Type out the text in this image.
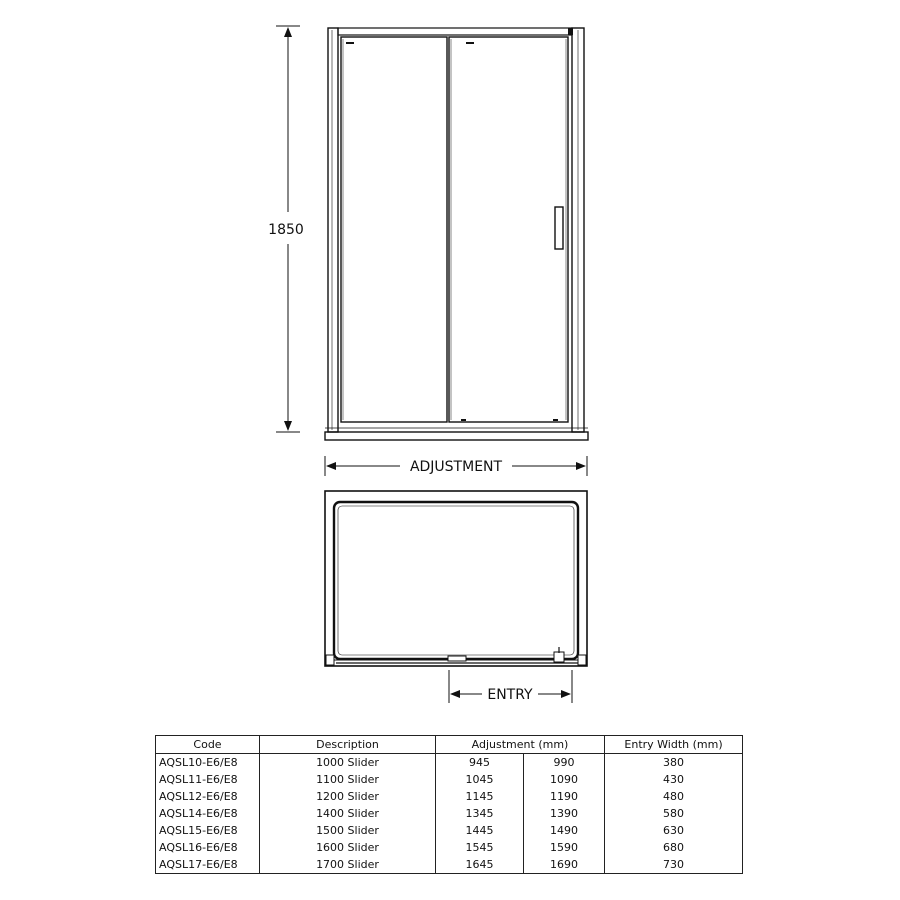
1850
ADJUSTMENT
ENTRY
Code	Description	Adjustment (mm)		Entry Width (mm)
AQSL10-E6/E8	1000 Slider	945	990	380
AQSL11-E6/E8	1100 Slider	1045	1090	430
AQSL12-E6/E8	1200 Slider	1145	1190	480
AQSL14-E6/E8	1400 Slider	1345	1390	580
AQSL15-E6/E8	1500 Slider	1445	1490	630
AQSL16-E6/E8	1600 Slider	1545	1590	680
AQSL17-E6/E8	1700 Slider	1645	1690	730
